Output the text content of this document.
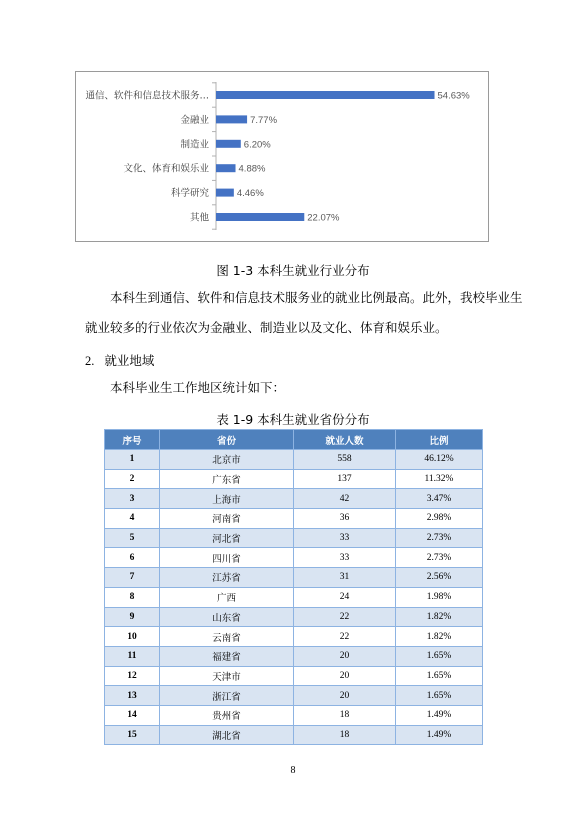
通信、软件和信息技术服务…	54.63%
金融业	7.77%
制造业	6.20%
文化、体育和娱乐业	4.88%
科学研究	4.46%
其他	22.07%
图 1-3 本科生就业行业分布
本科生到通信、软件和信息技术服务业的就业比例最高。此外，我校毕业生
就业较多的行业依次为金融业、制造业以及文化、体育和娱乐业。
2. 就业地域
本科毕业生工作地区统计如下：
表 1-9 本科生就业省份分布
序号	省份	就业人数	比例
1	北京市	558	46.12%
2	广东省	137	11.32%
3	上海市	42	3.47%
4	河南省	36	2.98%
5	河北省	33	2.73%
6	四川省	33	2.73%
7	江苏省	31	2.56%
8	广西	24	1.98%
9	山东省	22	1.82%
10	云南省	22	1.82%
11	福建省	20	1.65%
12	天津市	20	1.65%
13	浙江省	20	1.65%
14	贵州省	18	1.49%
15	湖北省	18	1.49%
8
